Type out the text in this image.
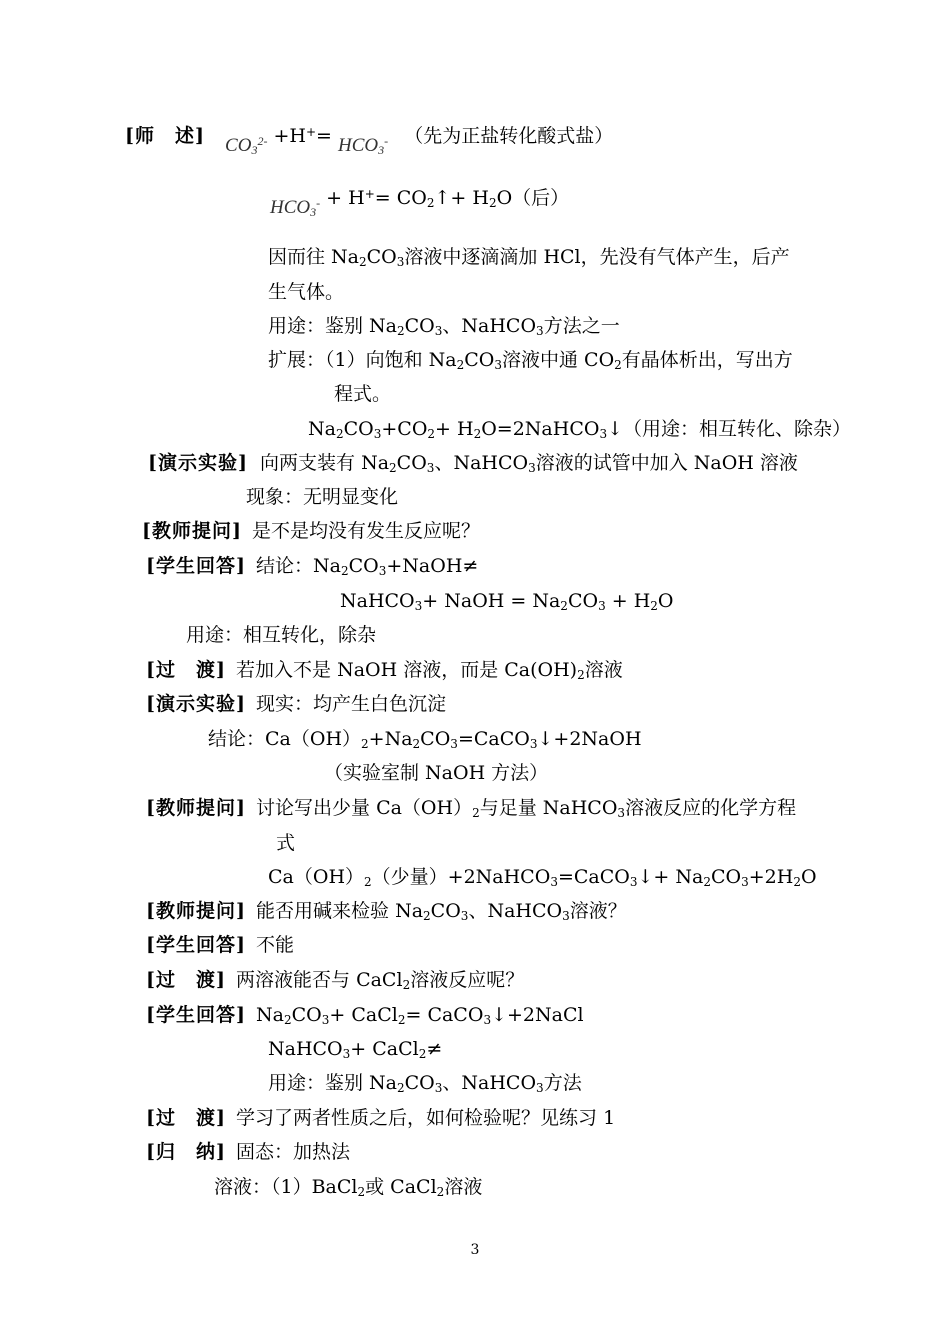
[师　述] $CO_3^{2-} +H^+= HCO_3^-$ （先为正盐转化酸式盐）
$HCO_3^- + H^+=$ $CO_2↑+ H_2O$（后）
因而往 $Na_2CO_3$溶液中逐滴滴加 HCl，先没有气体产生，后产
生气体。
用途：鉴别 $Na_2CO_3$、NaHCO$_3$方法之一
扩展：（1）向饱和 $Na_2CO_3$溶液中通 $CO_2$有晶体析出，写出方
程式。
$Na_2CO_3+CO_2+$ $H_2O=2NaHCO_3↓$（用途：相互转化、除杂）
[演示实验] 向两支装有 $Na_2CO_3$、NaHCO$_3$溶液的试管中加入 NaOH 溶液
现象：无明显变化
[教师提问] 是不是均没有发生反应呢？
[学生回答] 结论：$Na_2CO_3+NaOH\ne$
NaHCO$_3$+ NaOH = $Na_2CO_3 + H_2O$
用途：相互转化，除杂
[过　渡] 若加入不是 NaOH 溶液，而是 $Ca(OH)_2$溶液
[演示实验] 现实：均产生白色沉淀
结论：$Ca(OH)_2+Na_2CO_3=CaCO_3↓+2NaOH$
（实验室制 NaOH 方法）
[教师提问] 讨论写出少量 $Ca(OH)_2$与足量 NaHCO$_3$溶液反应的化学方程
式
$Ca(OH)_2$（少量）+2NaHCO$_3$=CaCO$_3$↓+ $Na_2CO_3+2H_2O$
[教师提问] 能否用碱来检验 $Na_2CO_3$、NaHCO$_3$溶液？
[学生回答] 不能
[过　渡] 两溶液能否与 CaCl$_2$溶液反应呢？
[学生回答] $Na_2CO_3+$ CaCl$_2$= CaCO$_3$↓+2NaCl
NaHCO$_3$+ CaCl$_2$≠
用途：鉴别 $Na_2CO_3$、NaHCO$_3$方法
[过　渡] 学习了两者性质之后，如何检验呢？见练习 1
[归　纳] 固态：加热法
溶液：（1）BaCl$_2$或 CaCl$_2$溶液
3
